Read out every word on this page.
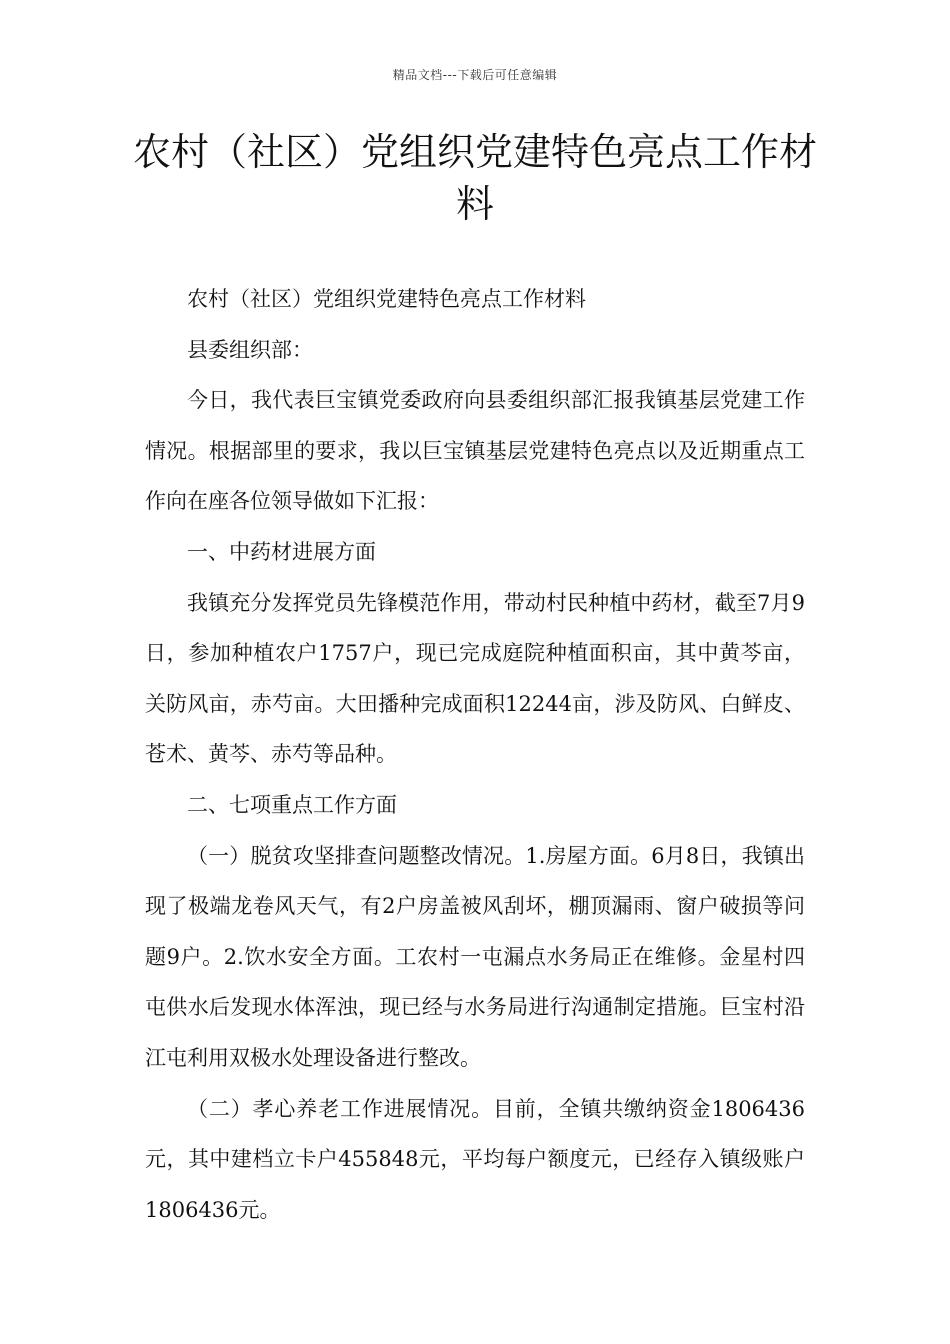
精品文档---下载后可任意编辑
农村（社区）党组织党建特色亮点工作材料

农村（社区）党组织党建特色亮点工作材料

县委组织部：

今日，我代表巨宝镇党委政府向县委组织部汇报我镇基层党建工作情况。根据部里的要求，我以巨宝镇基层党建特色亮点以及近期重点工作向在座各位领导做如下汇报：

一、中药材进展方面

我镇充分发挥党员先锋模范作用，带动村民种植中药材，截至7月9日，参加种植农户1757户，现已完成庭院种植面积亩，其中黄芩亩，关防风亩，赤芍亩。大田播种完成面积12244亩，涉及防风、白鲜皮、苍术、黄芩、赤芍等品种。

二、七项重点工作方面

（一）脱贫攻坚排查问题整改情况。1.房屋方面。6月8日，我镇出现了极端龙卷风天气，有2户房盖被风刮坏，棚顶漏雨、窗户破损等问题9户。2.饮水安全方面。工农村一屯漏点水务局正在维修。金星村四屯供水后发现水体浑浊，现已经与水务局进行沟通制定措施。巨宝村沿江屯利用双极水处理设备进行整改。

（二）孝心养老工作进展情况。目前，全镇共缴纳资金1806436元，其中建档立卡户455848元，平均每户额度元，已经存入镇级账户1806436元。
